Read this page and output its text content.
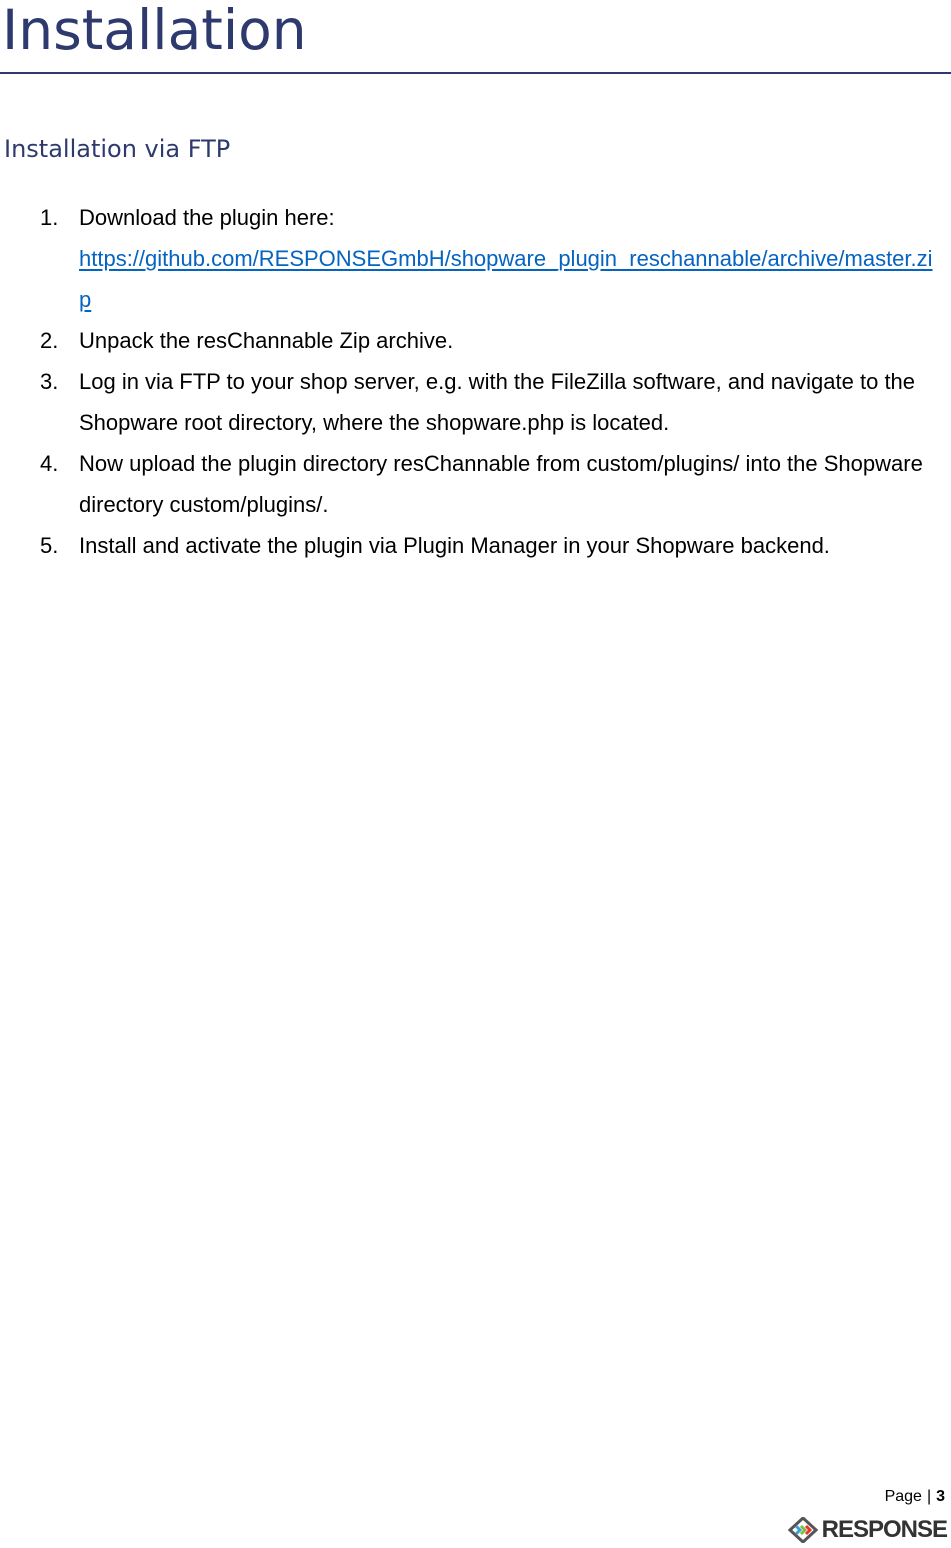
Installation
Installation via FTP
1. Download the plugin here:
https://github.com/RESPONSEGmbH/shopware_plugin_reschannable/archive/master.zip
2. Unpack the resChannable Zip archive.
3. Log in via FTP to your shop server, e.g. with the FileZilla software, and navigate to the Shopware root directory, where the shopware.php is located.
4. Now upload the plugin directory resChannable from custom/plugins/ into the Shopware directory custom/plugins/.
5. Install and activate the plugin via Plugin Manager in your Shopware backend.
Page | 3
RESPONSE
